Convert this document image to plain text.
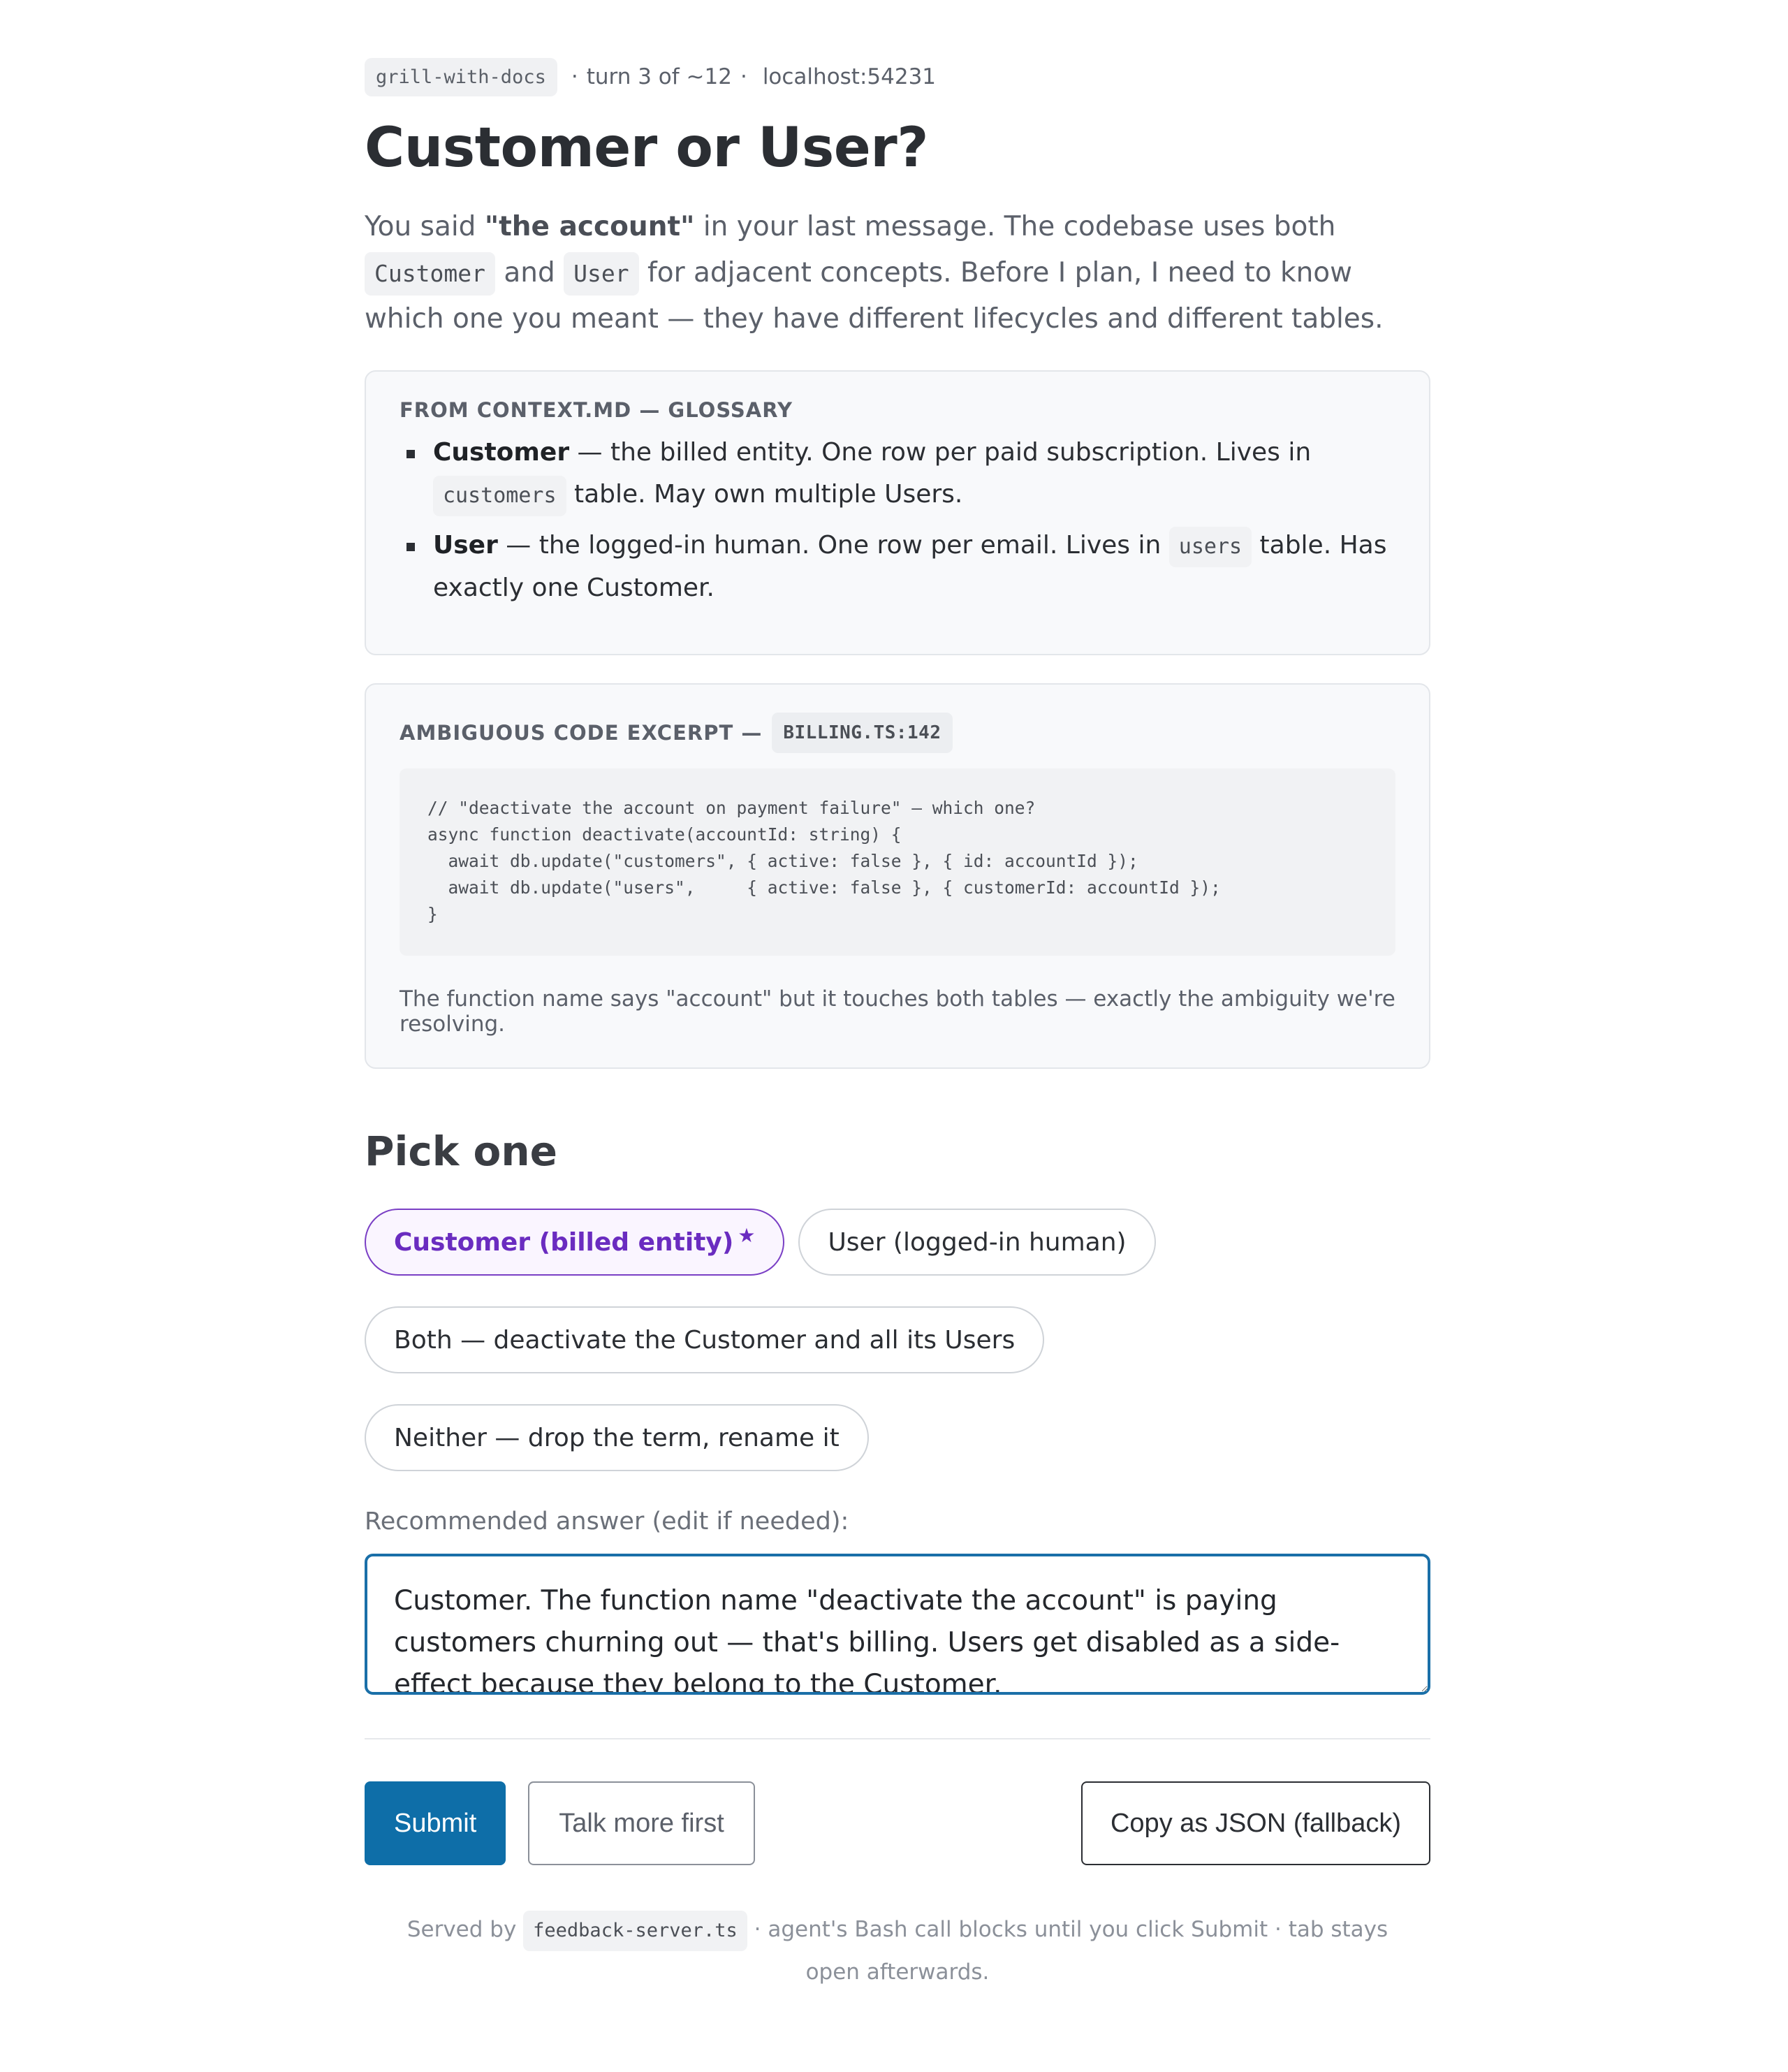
grill-with-docs	· turn 3 of ~12 · localhost:54231
Customer or User?

You said "the account" in your last message. The codebase uses both Customer and User for adjacent concepts. Before I plan, I need to know which one you meant — they have different lifecycles and different tables.

FROM CONTEXT.MD — GLOSSARY
Customer — the billed entity. One row per paid subscription. Lives in customers table. May own multiple Users.
User — the logged-in human. One row per email. Lives in users table. Has exactly one Customer.
AMBIGUOUS CODE EXCERPT —	BILLING.TS:142
// "deactivate the account on payment failure" — which one?
async function deactivate(accountId: string) {
await db.update("customers", { active: false }, { id: accountId });
await db.update("users",     { active: false }, { customerId: accountId });
}

The function name says "account" but it touches both tables — exactly the ambiguity we're resolving.

Pick one
Customer (billed entity) ★	User (logged-in human)
Both — deactivate the Customer and all its Users
Neither — drop the term, rename it
Recommended answer (edit if needed):
Customer. The function name "deactivate the account" is paying customers churning out — that's billing. Users get disabled as a side-effect because they belong to the Customer.
Submit	Talk more first	Copy as JSON (fallback)

Served by feedback-server.ts · agent's Bash call blocks until you click Submit · tab stays open afterwards.
